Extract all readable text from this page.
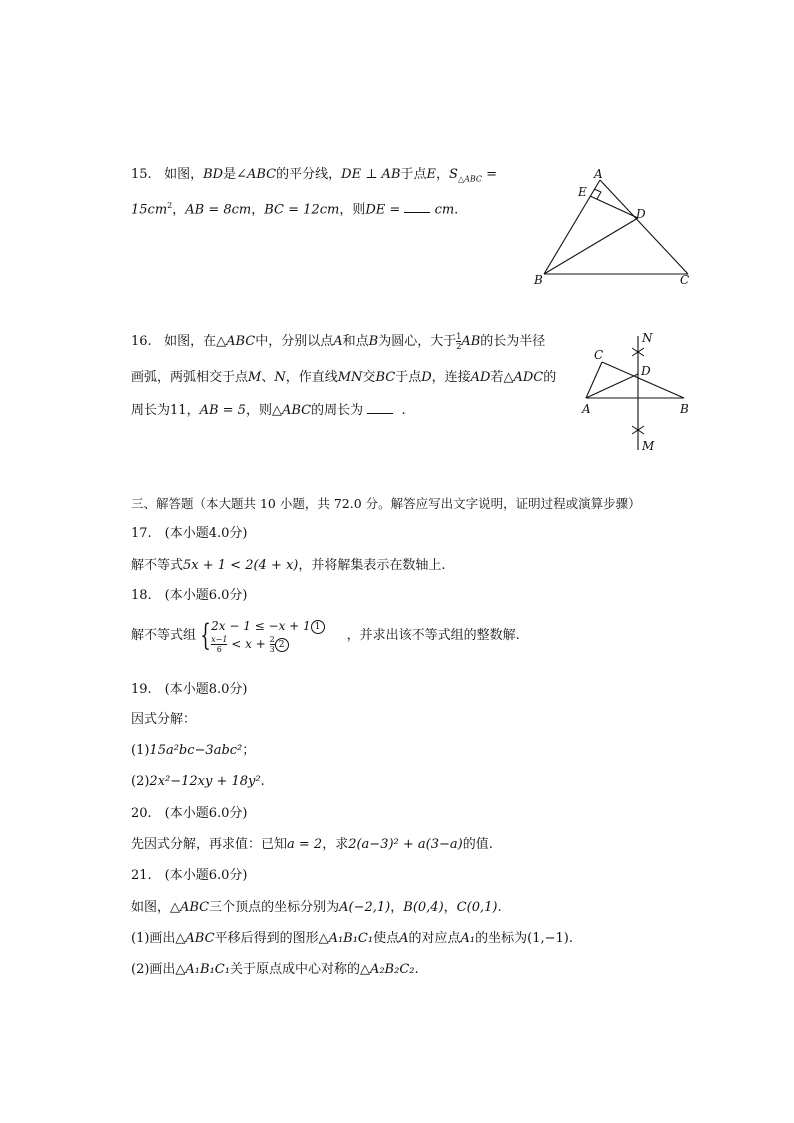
15. 如图，BD是∠ABC的平分线，DE ⊥ AB于点E，$S_{\triangle ABC}$ =
$15cm^2$，AB = 8cm，BC = 12cm，则DE =	cm.
A
E
D
B	C
16. 如图，在△ABC中，分别以点A和点B为圆心，大于 $\frac{1}{2}$ AB的长为半径
画弧，两弧相交于点M、N，作直线MN交BC于点D，连接AD若△ADC的
周长为11，AB = 5，则△ABC的周长为	.
N
C
D
A	B
M
三、解答题（本大题共 10 小题，共 72.0 分。解答应写出文字说明，证明过程或演算步骤）
17.　(本小题4.0分)
解不等式5x + 1 < 2(4 + x)，并将解集表示在数轴上.
18.　(本小题6.0分)
解不等式组 { 2x − 1 ≤ −x + 1 1
$\frac{x-1}{6} < x + \frac{2}{3} 2$
，并求出该不等式组的整数解.
19.　(本小题8.0分)
因式分解：
(1)15a²bc−3abc²；
(2)2x²−12xy + 18y².
20.　(本小题6.0分)
先因式分解，再求值：已知a = 2，求2(a−3)² + a(3−a)的值.
21.　(本小题6.0分)
如图，△ABC三个顶点的坐标分别为A(−2,1)，B(0,4)，C(0,1).
(1)画出△ABC平移后得到的图形△A₁B₁C₁使点A的对应点A₁的坐标为(1,−1).
(2)画出△A₁B₁C₁关于原点成中心对称的△A₂B₂C₂.
